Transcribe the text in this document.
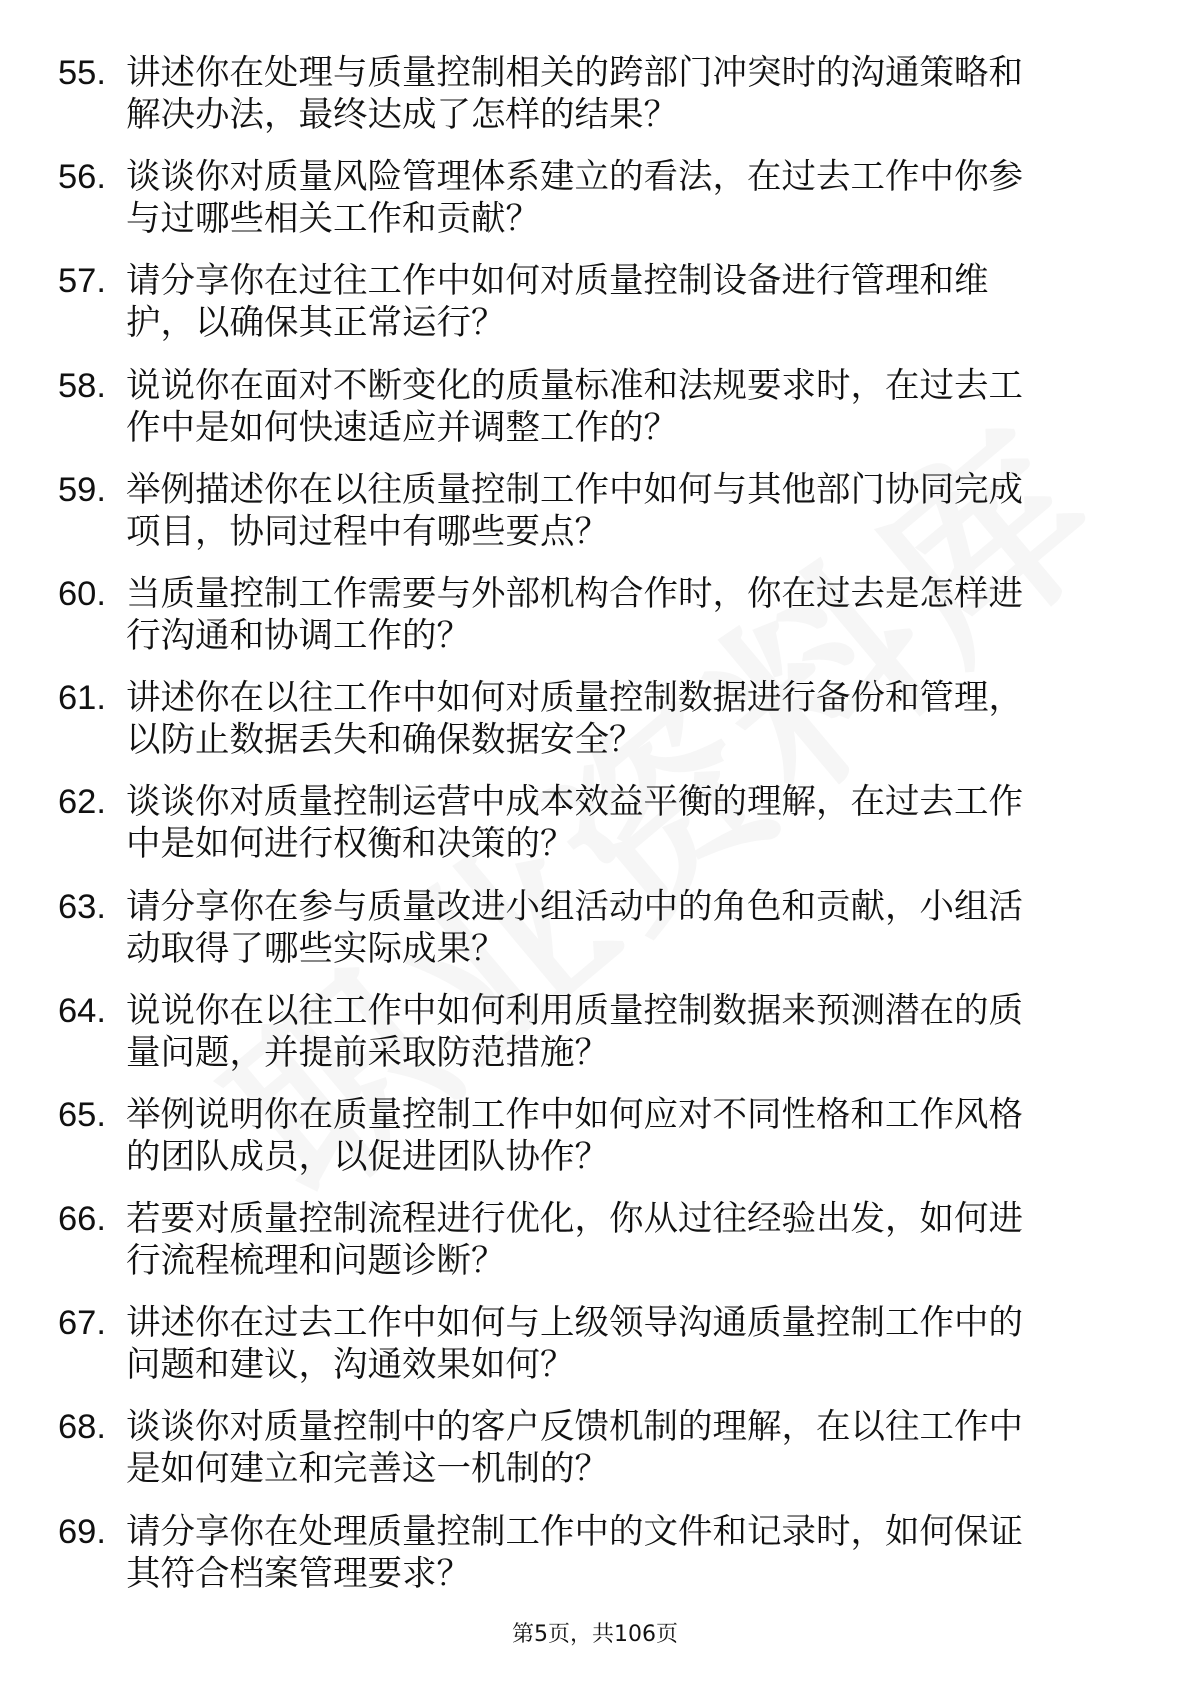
55. 讲述你在处理与质量控制相关的跨部门冲突时的沟通策略和解决办法，最终达成了怎样的结果？
56. 谈谈你对质量风险管理体系建立的看法，在过去工作中你参与过哪些相关工作和贡献？
57. 请分享你在过往工作中如何对质量控制设备进行管理和维护，以确保其正常运行？
58. 说说你在面对不断变化的质量标准和法规要求时，在过去工作中是如何快速适应并调整工作的？
59. 举例描述你在以往质量控制工作中如何与其他部门协同完成项目，协同过程中有哪些要点？
60. 当质量控制工作需要与外部机构合作时，你在过去是怎样进行沟通和协调工作的？
61. 讲述你在以往工作中如何对质量控制数据进行备份和管理，以防止数据丢失和确保数据安全？
62. 谈谈你对质量控制运营中成本效益平衡的理解，在过去工作中是如何进行权衡和决策的？
63. 请分享你在参与质量改进小组活动中的角色和贡献，小组活动取得了哪些实际成果？
64. 说说你在以往工作中如何利用质量控制数据来预测潜在的质量问题，并提前采取防范措施？
65. 举例说明你在质量控制工作中如何应对不同性格和工作风格的团队成员，以促进团队协作？
66. 若要对质量控制流程进行优化，你从过往经验出发，如何进行流程梳理和问题诊断？
67. 讲述你在过去工作中如何与上级领导沟通质量控制工作中的问题和建议，沟通效果如何？
68. 谈谈你对质量控制中的客户反馈机制的理解，在以往工作中是如何建立和完善这一机制的？
69. 请分享你在处理质量控制工作中的文件和记录时，如何保证其符合档案管理要求？
第5页，共106页
